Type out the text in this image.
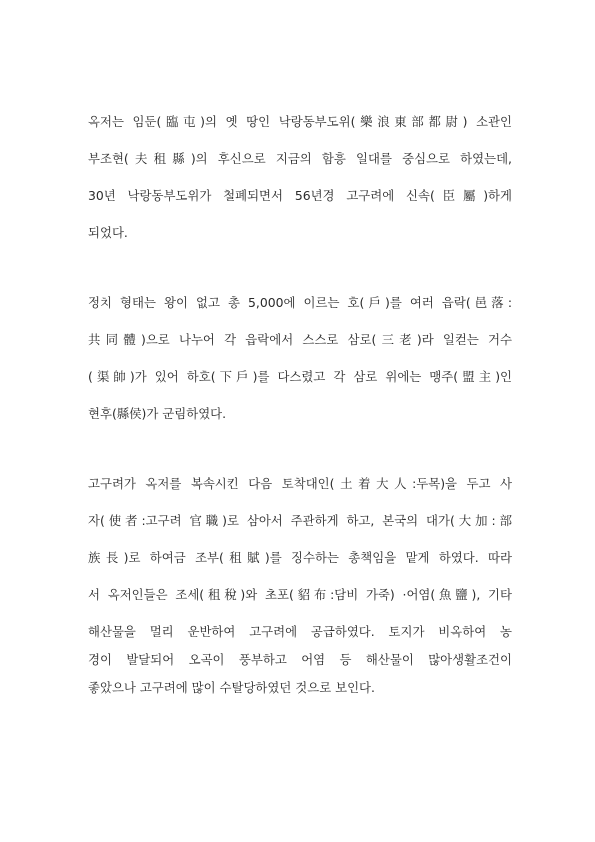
옥저는 임둔(臨屯)의 옛 땅인 낙랑동부도위(樂浪東部都尉) 소관인
부조현(夫租縣)의 후신으로 지금의 함흥 일대를 중심으로 하였는데,
30년 낙랑동부도위가 철폐되면서 56년경 고구려에 신속(臣屬)하게
되었다.
정치 형태는 왕이 없고 총 5,000에 이르는 호(戶)를 여러 읍락(邑落:
共同體)으로 나누어 각 읍락에서 스스로 삼로(三老)라 일컫는 거수
(渠帥)가 있어 하호(下戶)를 다스렸고 각 삼로 위에는 맹주(盟主)인
현후(縣侯)가 군림하였다.
고구려가 옥저를 복속시킨 다음 토착대인(土着大人:두목)을 두고 사
자(使者:고구려 官職)로 삼아서 주관하게 하고, 본국의 대가(大加:部
族長)로 하여금 조부(租賦)를 징수하는 총책임을 맡게 하였다. 따라
서 옥저인들은 조세(租稅)와 초포(貂布:담비 가죽) ·어염(魚鹽), 기타
해산물을 멀리 운반하여 고구려에 공급하였다. 토지가 비옥하여 농
경이 발달되어 오곡이 풍부하고 어염 등 해산물이 많아생활조건이
좋았으나 고구려에 많이 수탈당하였던 것으로 보인다.
